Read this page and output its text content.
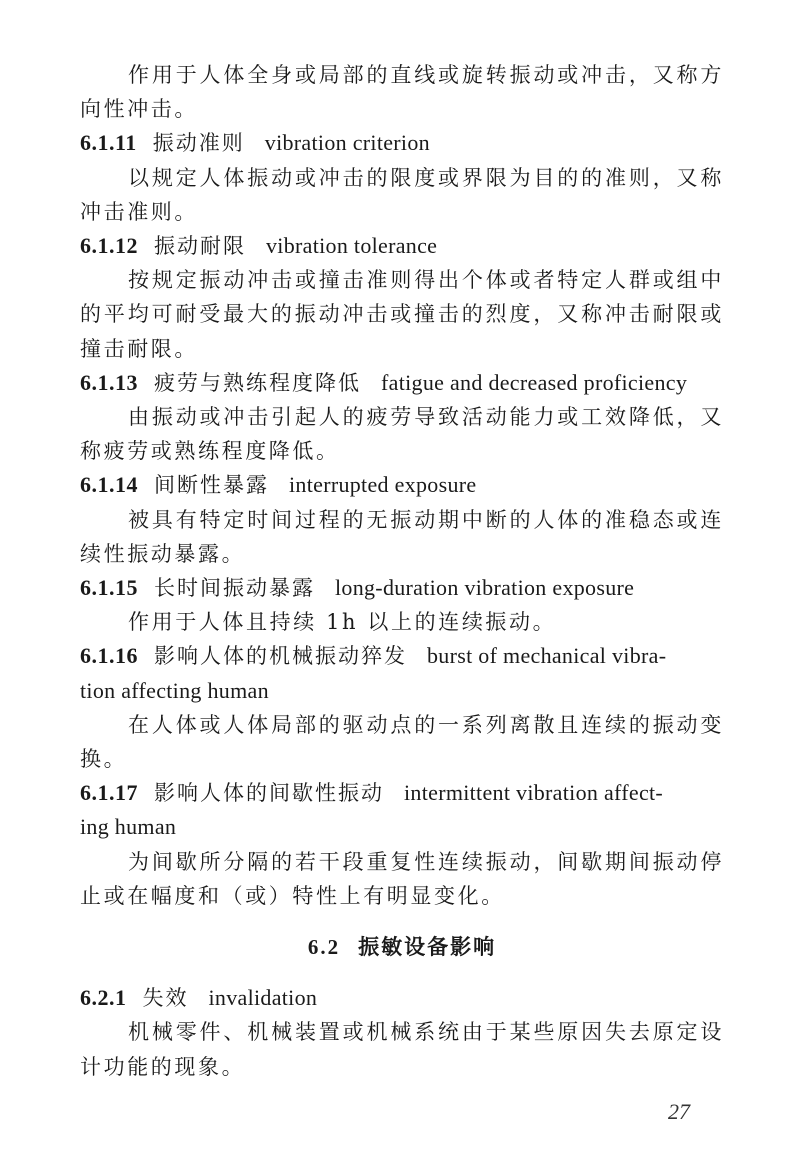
作用于人体全身或局部的直线或旋转振动或冲击，又称方向性冲击。

6.1.11 振动准则 vibration criterion

以规定人体振动或冲击的限度或界限为目的的准则，又称冲击准则。

6.1.12 振动耐限 vibration tolerance

按规定振动冲击或撞击准则得出个体或者特定人群或组中的平均可耐受最大的振动冲击或撞击的烈度，又称冲击耐限或撞击耐限。

6.1.13 疲劳与熟练程度降低 fatigue and decreased proficiency

由振动或冲击引起人的疲劳导致活动能力或工效降低，又称疲劳或熟练程度降低。

6.1.14 间断性暴露 interrupted exposure

被具有特定时间过程的无振动期中断的人体的准稳态或连续性振动暴露。

6.1.15 长时间振动暴露 long-duration vibration exposure

作用于人体且持续 1h 以上的连续振动。

6.1.16 影响人体的机械振动猝发 burst of mechanical vibra-
tion affecting human

在人体或人体局部的驱动点的一系列离散且连续的振动变换。

6.1.17 影响人体的间歇性振动 intermittent vibration affect-
ing human

为间歇所分隔的若干段重复性连续振动，间歇期间振动停止或在幅度和（或）特性上有明显变化。

6.2 振敏设备影响
6.2.1 失效 invalidation

机械零件、机械装置或机械系统由于某些原因失去原定设计功能的现象。

27
